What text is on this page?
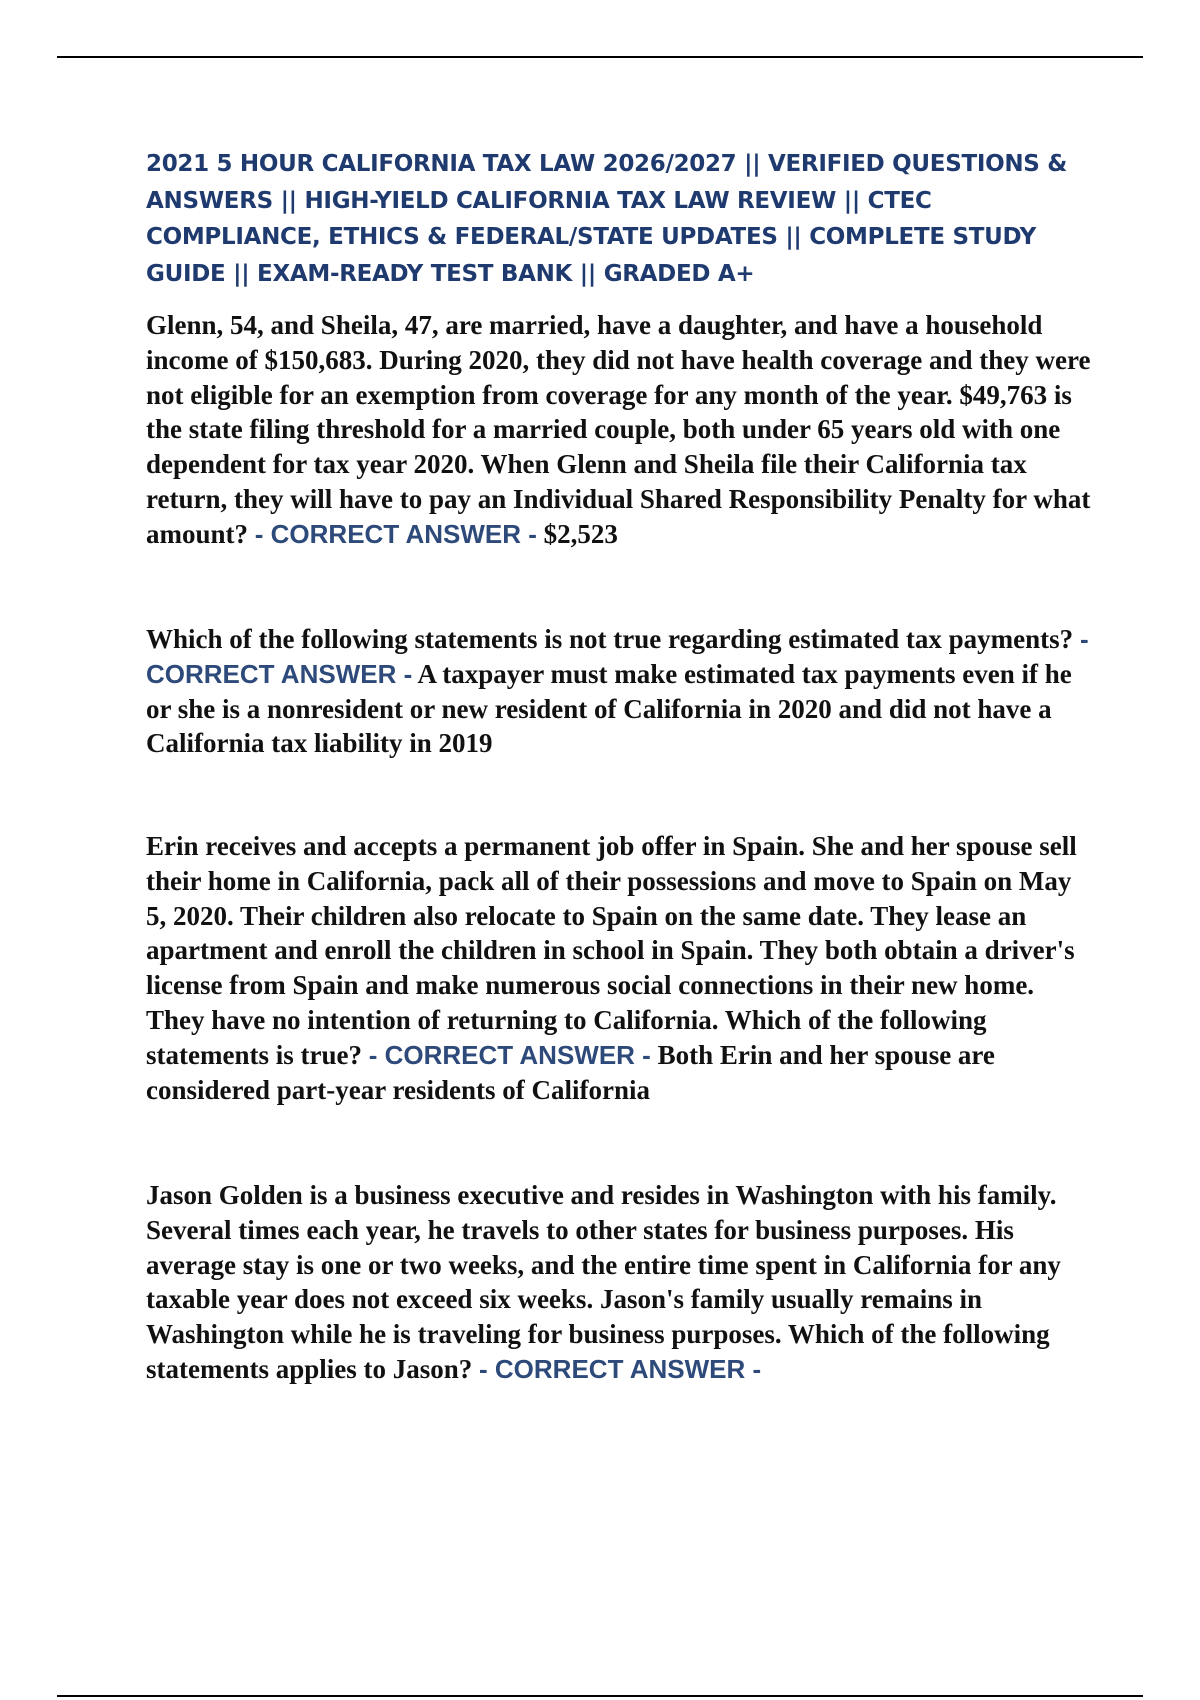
2021 5 HOUR CALIFORNIA TAX LAW 2026/2027 || VERIFIED QUESTIONS & ANSWERS || HIGH-YIELD CALIFORNIA TAX LAW REVIEW || CTEC COMPLIANCE, ETHICS & FEDERAL/STATE UPDATES || COMPLETE STUDY GUIDE || EXAM-READY TEST BANK || GRADED A+

Glenn, 54, and Sheila, 47, are married, have a daughter, and have a household income of $150,683. During 2020, they did not have health coverage and they were not eligible for an exemption from coverage for any month of the year. $49,763 is the state filing threshold for a married couple, both under 65 years old with one dependent for tax year 2020. When Glenn and Sheila file their California tax return, they will have to pay an Individual Shared Responsibility Penalty for what amount? - CORRECT ANSWER - $2,523

Which of the following statements is not true regarding estimated tax payments? - CORRECT ANSWER - A taxpayer must make estimated tax payments even if he or she is a nonresident or new resident of California in 2020 and did not have a California tax liability in 2019

Erin receives and accepts a permanent job offer in Spain. She and her spouse sell their home in California, pack all of their possessions and move to Spain on May 5, 2020. Their children also relocate to Spain on the same date. They lease an apartment and enroll the children in school in Spain. They both obtain a driver's license from Spain and make numerous social connections in their new home. They have no intention of returning to California. Which of the following statements is true? - CORRECT ANSWER - Both Erin and her spouse are considered part-year residents of California

Jason Golden is a business executive and resides in Washington with his family. Several times each year, he travels to other states for business purposes. His average stay is one or two weeks, and the entire time spent in California for any taxable year does not exceed six weeks. Jason's family usually remains in Washington while he is traveling for business purposes. Which of the following statements applies to Jason? - CORRECT ANSWER -
